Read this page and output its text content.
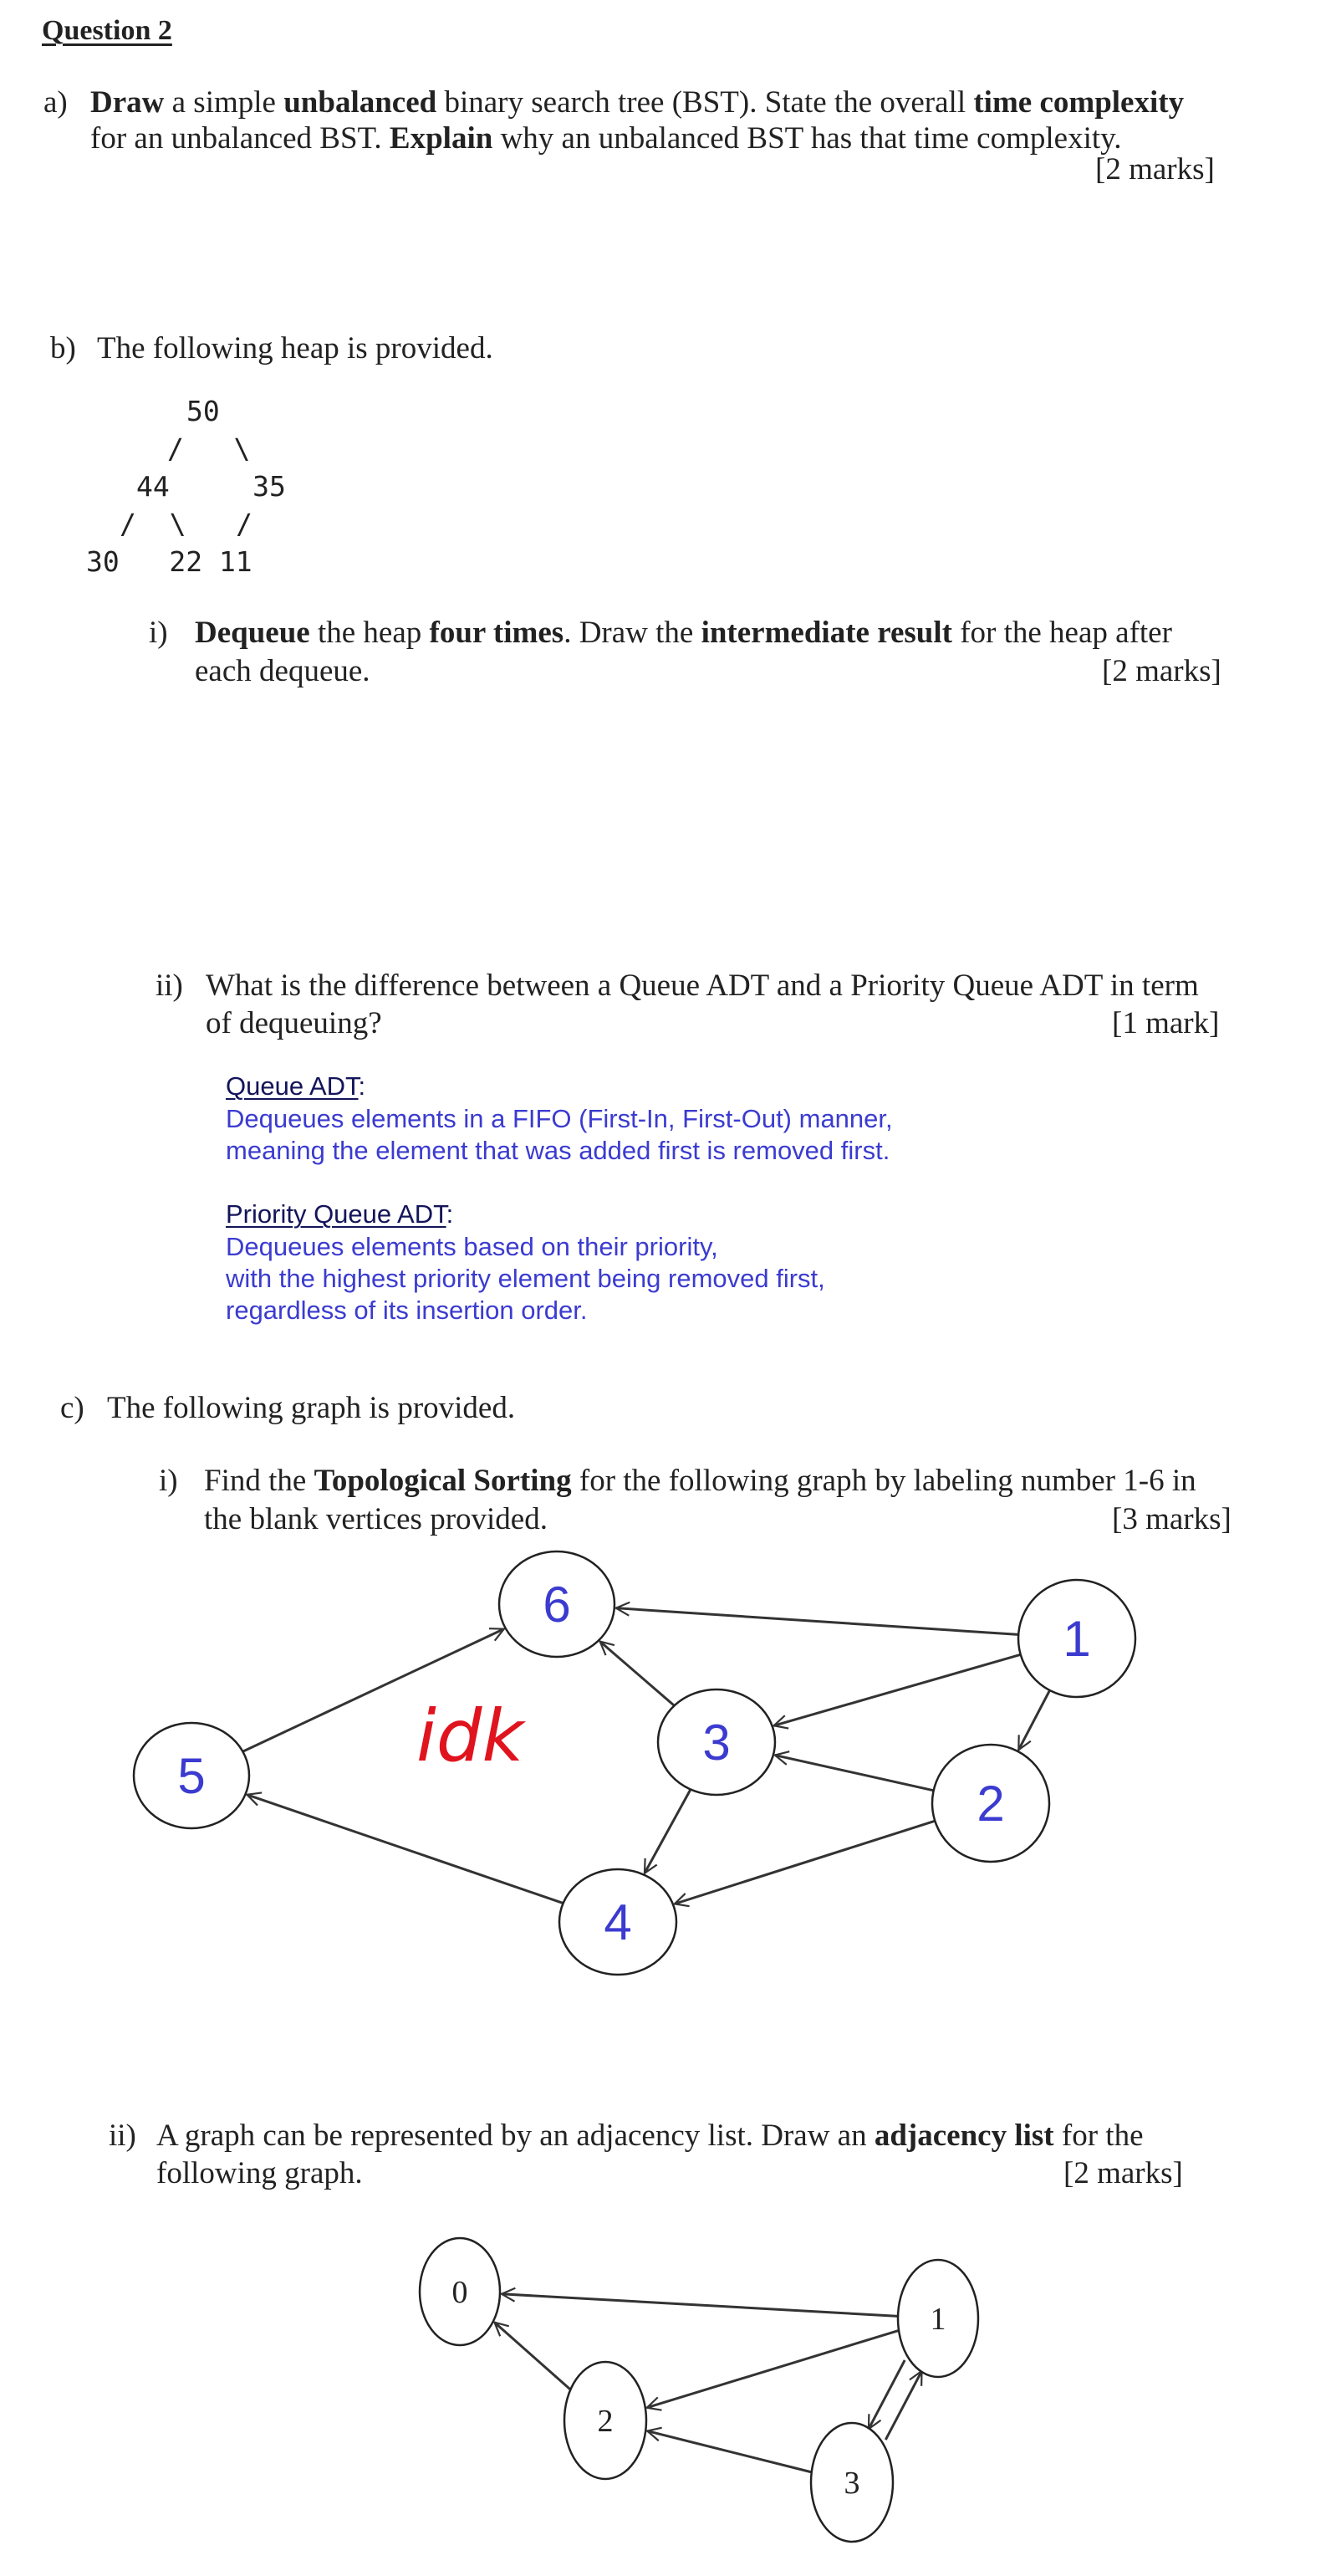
Question 2
a) Draw a simple unbalanced binary search tree (BST). State the overall time complexity
for an unbalanced BST. Explain why an unbalanced BST has that time complexity.
[2 marks]
b) The following heap is provided.
50
/   \
44     35
/  \   /
30   22 11
i) Dequeue the heap four times. Draw the intermediate result for the heap after
each dequeue.	[2 marks]
ii) What is the difference between a Queue ADT and a Priority Queue ADT in term
of dequeuing?	[1 mark]
Queue ADT:
Dequeues elements in a FIFO (First-In, First-Out) manner,
meaning the element that was added first is removed first.
Priority Queue ADT:
Dequeues elements based on their priority,
with the highest priority element being removed first,
regardless of its insertion order.
c) The following graph is provided.
i) Find the Topological Sorting for the following graph by labeling number 1-6 in
the blank vertices provided.	[3 marks]
6
1
3
2
5
4
idk
0
1
2
3
ii) A graph can be represented by an adjacency list. Draw an adjacency list for the
following graph.	[2 marks]
